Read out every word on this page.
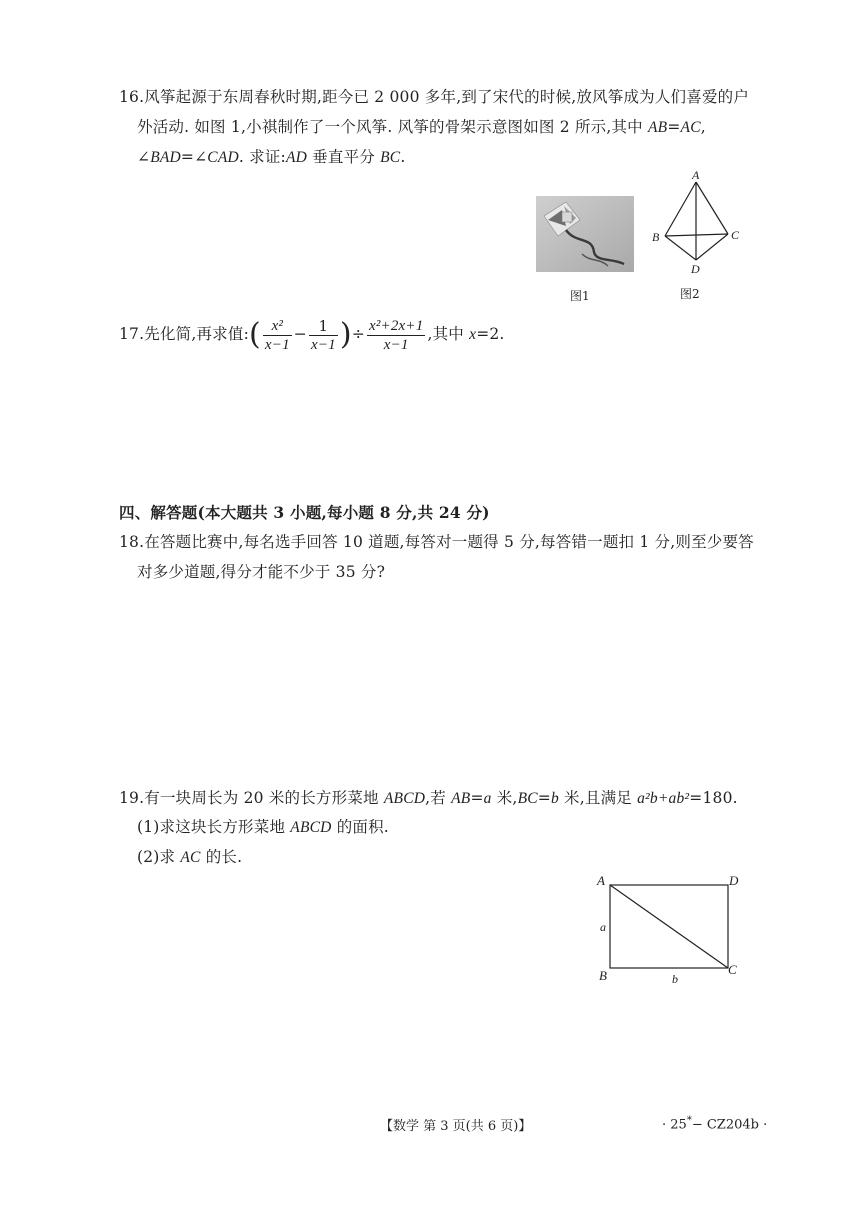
16.风筝起源于东周春秋时期,距今已 2 000 多年,到了宋代的时候,放风筝成为人们喜爱的户
外活动. 如图 1,小祺制作了一个风筝. 风筝的骨架示意图如图 2 所示,其中 AB=AC,
∠BAD=∠CAD. 求证:AD 垂直平分 BC.
图1
A
B	C
D
图2
17.先化简,再求值:( $\frac{\text{x²}}{x-1} - \frac{1}{x-1}$ )÷ $\frac{\text{x²+2x+1}}{x-1}$ ,其中 x=2.
四、解答题(本大题共 3 小题,每小题 8 分,共 24 分)
18.在答题比赛中,每名选手回答 10 道题,每答对一题得 5 分,每答错一题扣 1 分,则至少要答
对多少道题,得分才能不少于 35 分?
19.有一块周长为 20 米的长方形菜地 ABCD,若 AB=a 米,BC=b 米,且满足 a²b+ab²=180.
(1)求这块长方形菜地 ABCD 的面积.
(2)求 AC 的长.
A	D
B	C
a
b
【数学 第 3 页(共 6 页)】	· 25*− CZ204b ·
